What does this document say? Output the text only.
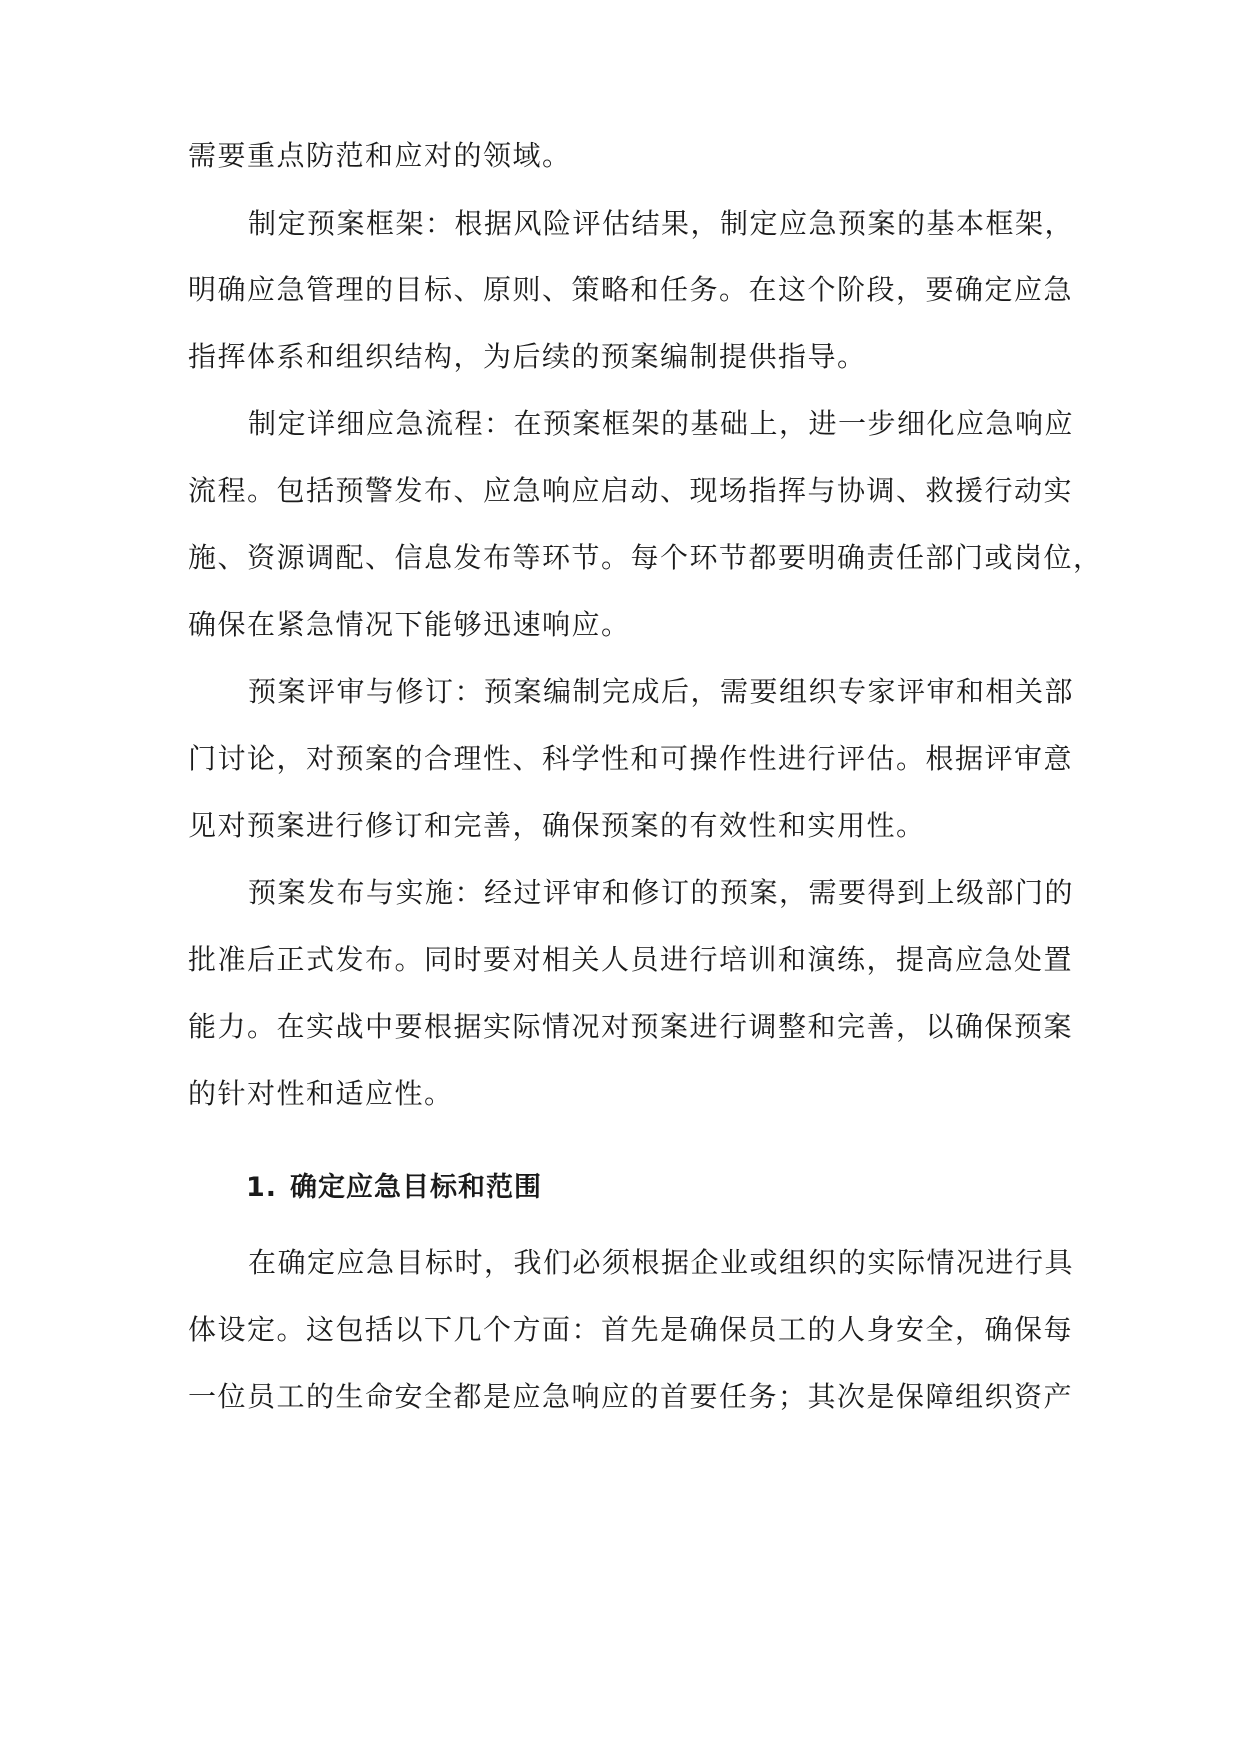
需要重点防范和应对的领域。
制定预案框架：根据风险评估结果，制定应急预案的基本框架，
明确应急管理的目标、原则、策略和任务。在这个阶段，要确定应急
指挥体系和组织结构，为后续的预案编制提供指导。
制定详细应急流程：在预案框架的基础上，进一步细化应急响应
流程。包括预警发布、应急响应启动、现场指挥与协调、救援行动实
施、资源调配、信息发布等环节。每个环节都要明确责任部门或岗位，
确保在紧急情况下能够迅速响应。
预案评审与修订：预案编制完成后，需要组织专家评审和相关部
门讨论，对预案的合理性、科学性和可操作性进行评估。根据评审意
见对预案进行修订和完善，确保预案的有效性和实用性。
预案发布与实施：经过评审和修订的预案，需要得到上级部门的
批准后正式发布。同时要对相关人员进行培训和演练，提高应急处置
能力。在实战中要根据实际情况对预案进行调整和完善，以确保预案
的针对性和适应性。
1. 确定应急目标和范围
在确定应急目标时，我们必须根据企业或组织的实际情况进行具
体设定。这包括以下几个方面：首先是确保员工的人身安全，确保每
一位员工的生命安全都是应急响应的首要任务；其次是保障组织资产
